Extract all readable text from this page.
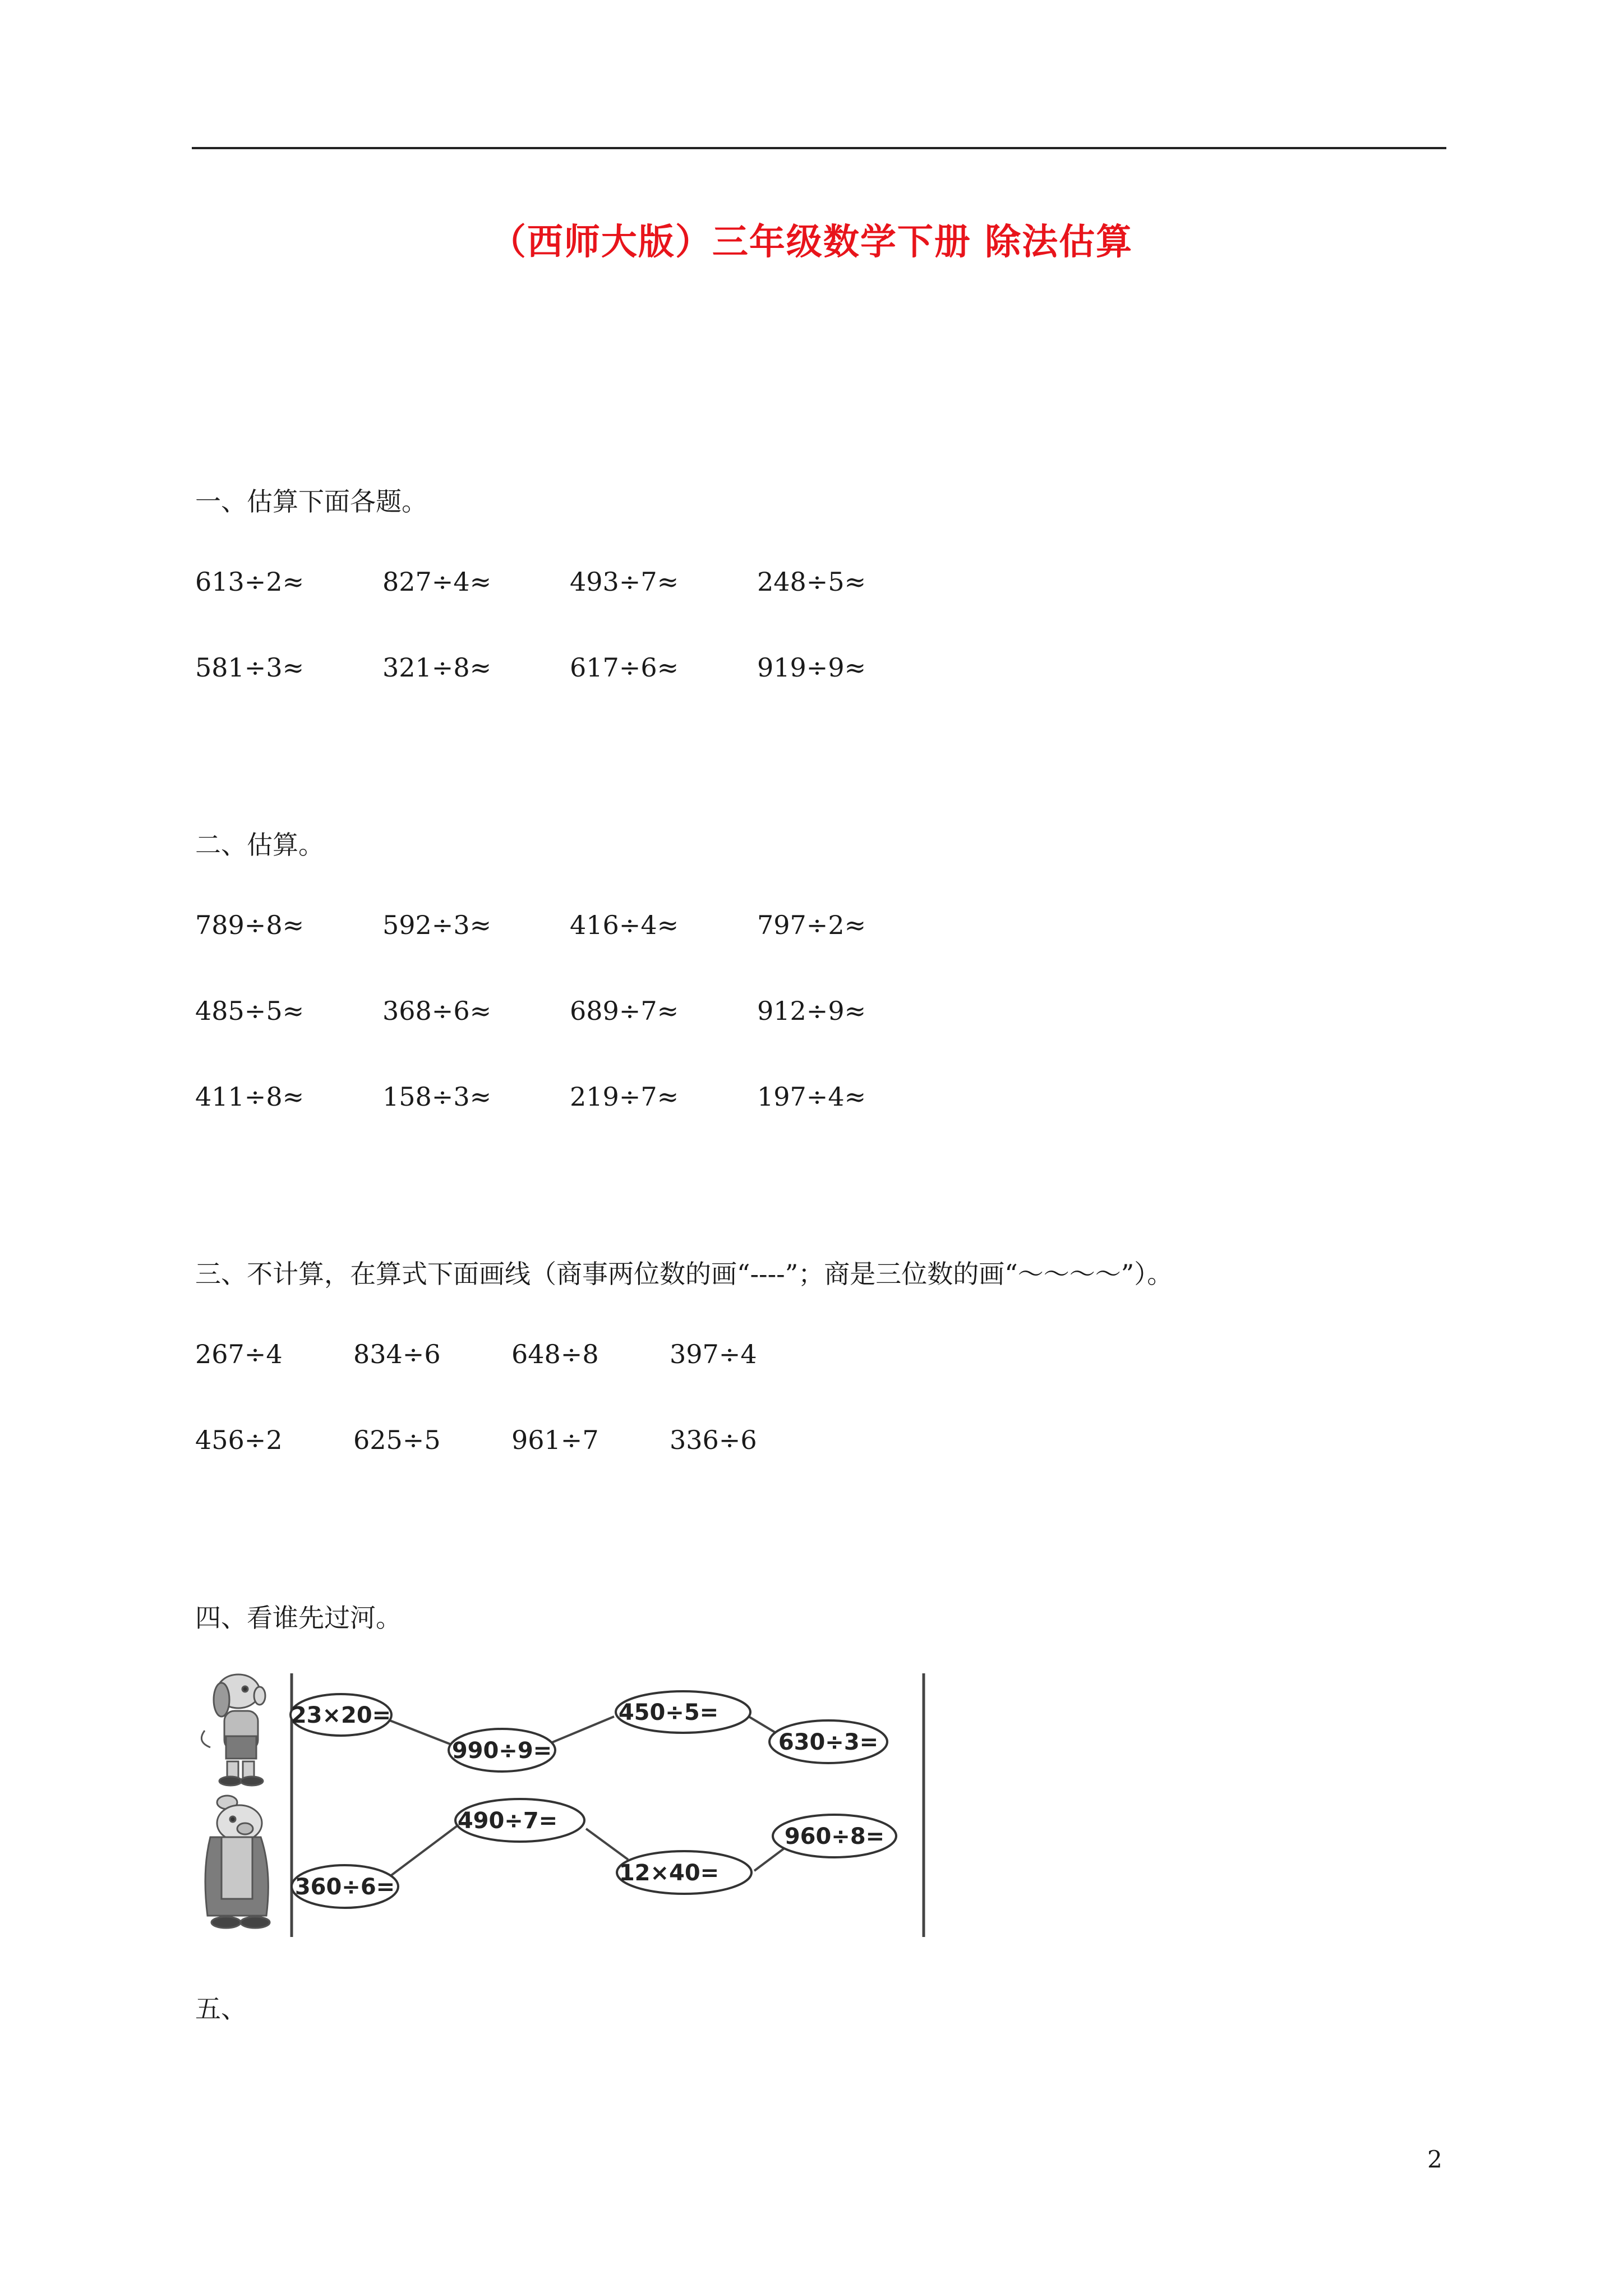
（西师大版）三年级数学下册 除法估算
一、估算下面各题。
613÷2≈	827÷4≈	493÷7≈	248÷5≈
581÷3≈	321÷8≈	617÷6≈	919÷9≈
二、估算。
789÷8≈	592÷3≈	416÷4≈	797÷2≈
485÷5≈	368÷6≈	689÷7≈	912÷9≈
411÷8≈	158÷3≈	219÷7≈	197÷4≈
三、不计算，在算式下面画线（商事两位数的画“----”；商是三位数的画“～～～～”）。
267÷4	834÷6	648÷8	397÷4
456÷2	625÷5	961÷7	336÷6
四、看谁先过河。
23×20=
990÷9=
450÷5=
630÷3=
360÷6=
490÷7=
12×40=
960÷8=
五、
2
